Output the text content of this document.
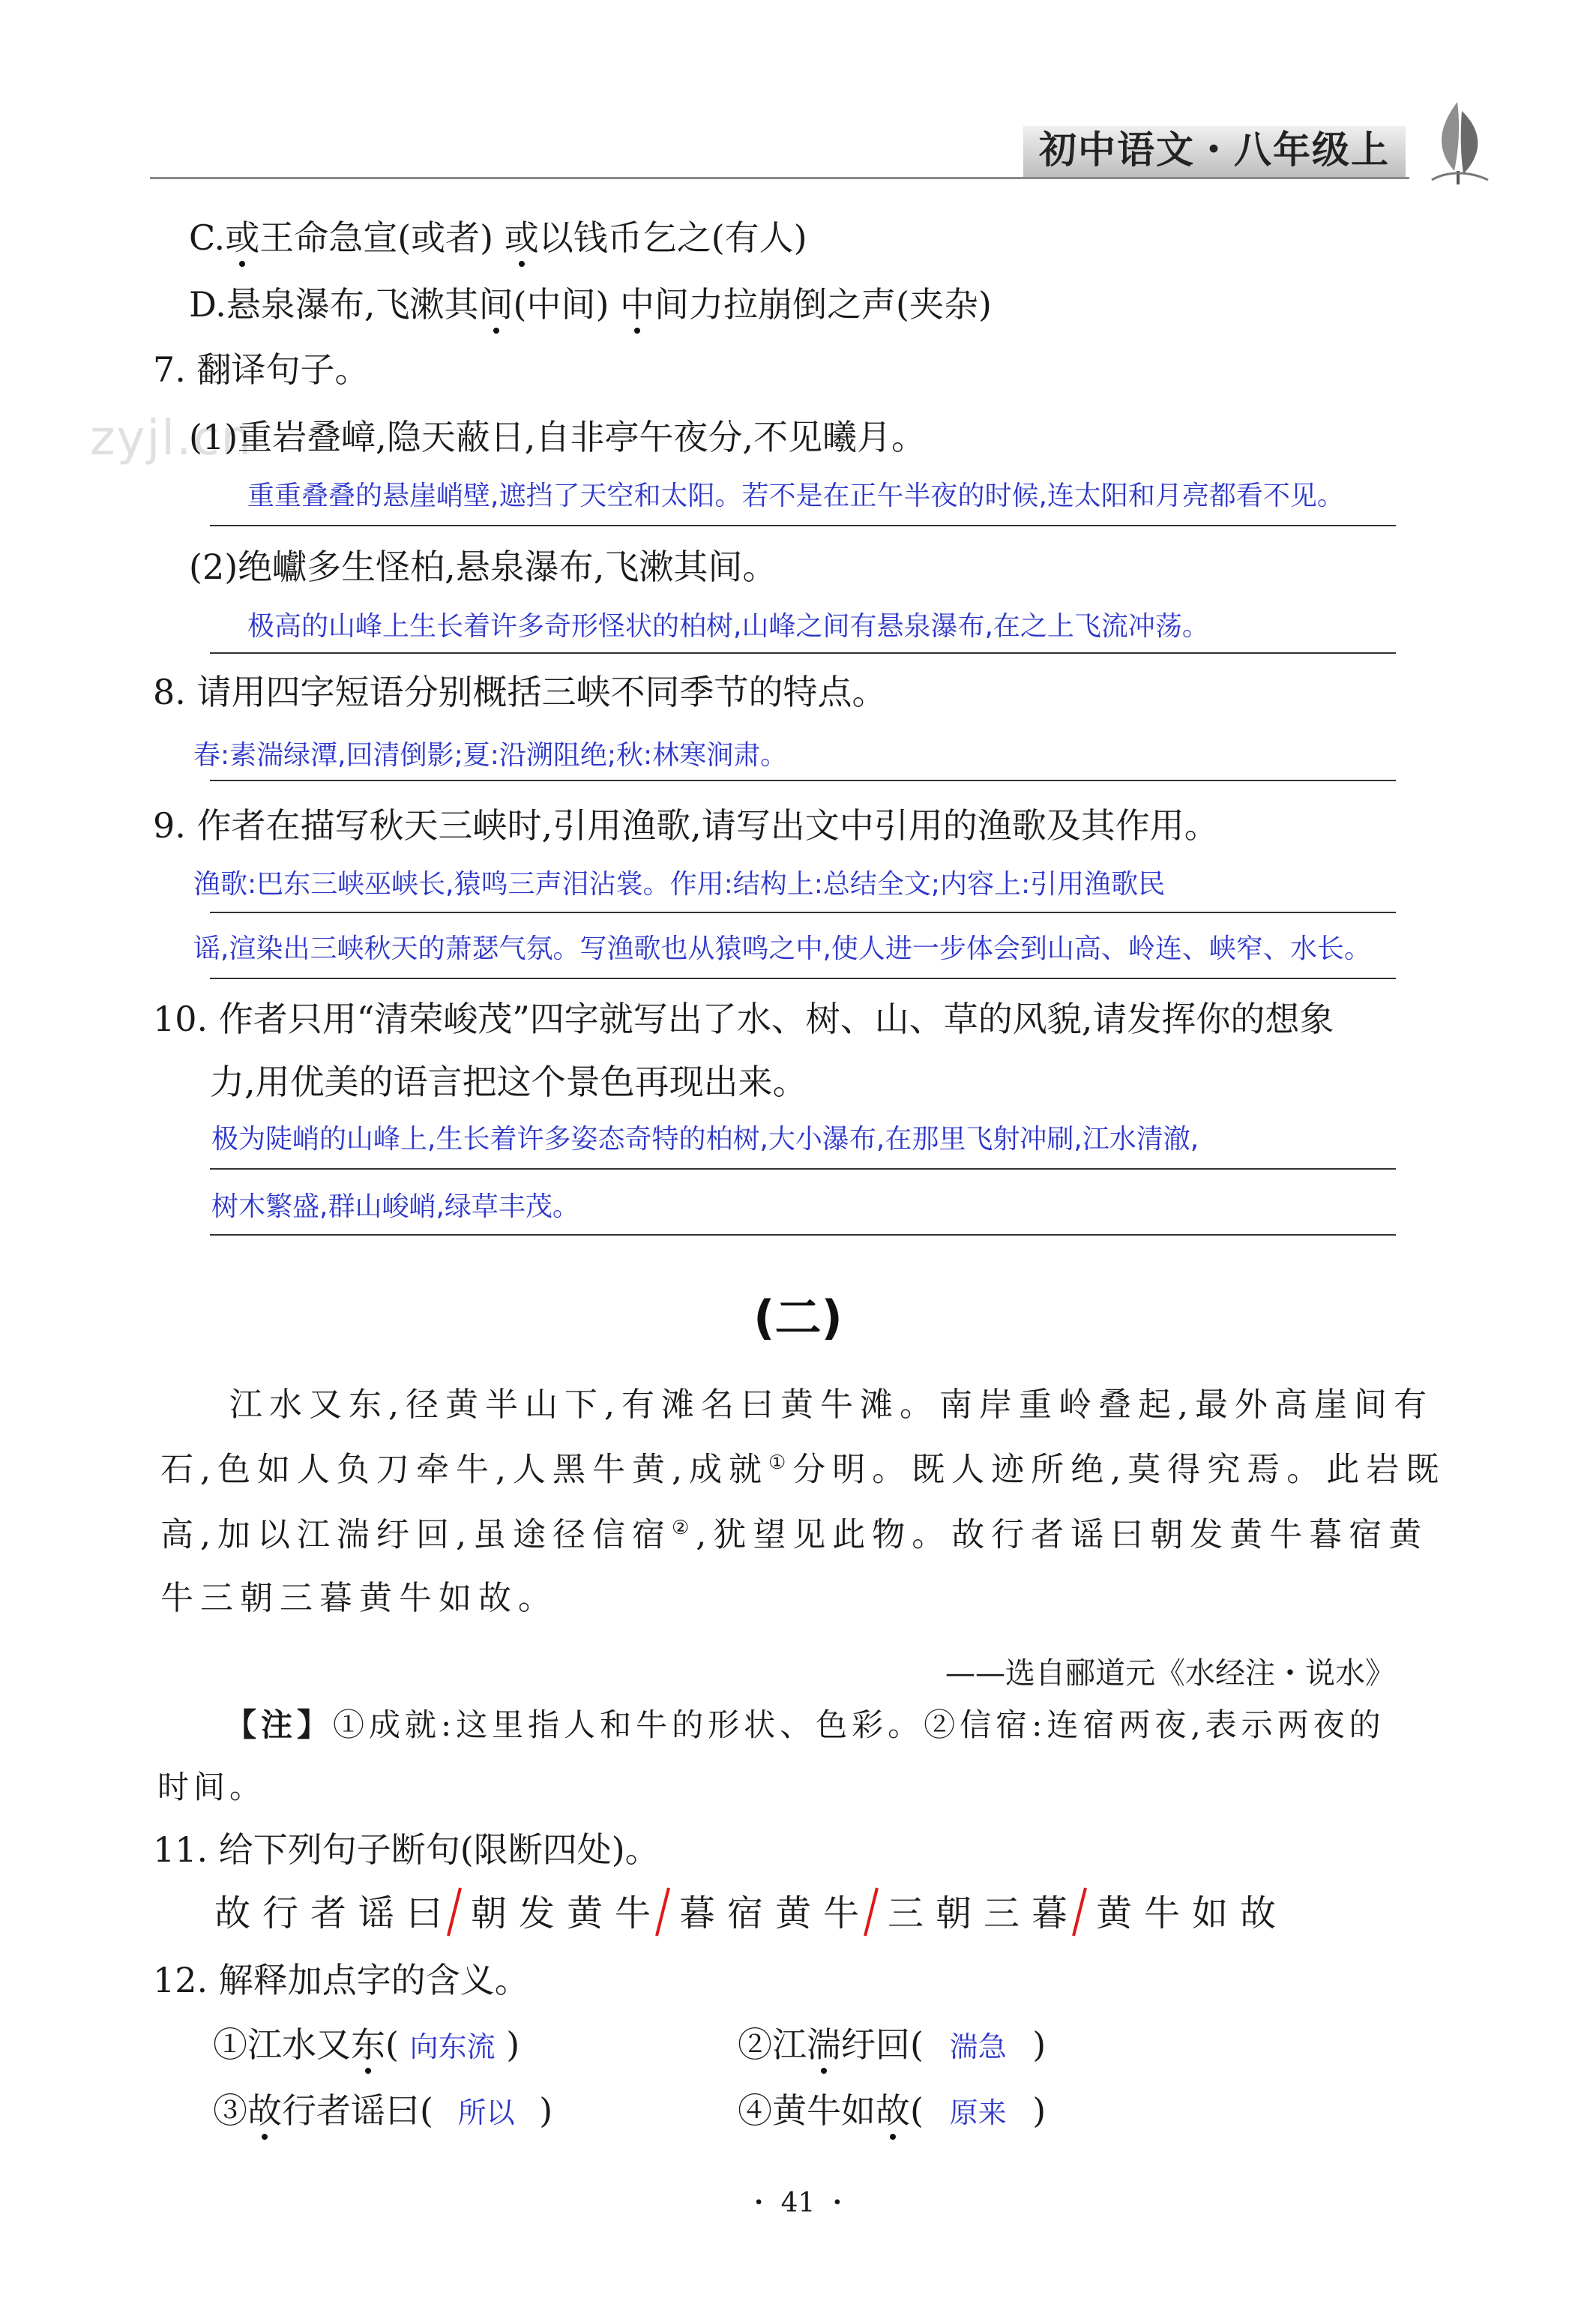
初中语文・八年级上
zyjl.cn
C.或王命急宣(或者) 或以钱币乞之(有人)
D.悬泉瀑布,飞漱其间(中间) 中间力拉崩倒之声(夹杂)
7. 翻译句子。
(1)重岩叠嶂,隐天蔽日,自非亭午夜分,不见曦月。
重重叠叠的悬崖峭壁,遮挡了天空和太阳。若不是在正午半夜的时候,连太阳和月亮都看不见。
(2)绝巘多生怪柏,悬泉瀑布,飞漱其间。
极高的山峰上生长着许多奇形怪状的柏树,山峰之间有悬泉瀑布,在之上飞流冲荡。
8. 请用四字短语分别概括三峡不同季节的特点。
春:素湍绿潭,回清倒影;夏:沿溯阻绝;秋:林寒涧肃。
9. 作者在描写秋天三峡时,引用渔歌,请写出文中引用的渔歌及其作用。
渔歌:巴东三峡巫峡长,猿鸣三声泪沾裳。作用:结构上:总结全文;内容上:引用渔歌民
谣,渲染出三峡秋天的萧瑟气氛。写渔歌也从猿鸣之中,使人进一步体会到山高、岭连、峡窄、水长。
10. 作者只用“清荣峻茂”四字就写出了水、树、山、草的风貌,请发挥你的想象
力,用优美的语言把这个景色再现出来。
极为陡峭的山峰上,生长着许多姿态奇特的柏树,大小瀑布,在那里飞射冲刷,江水清澈,
树木繁盛,群山峻峭,绿草丰茂。
(二)
江水又东,径黄半山下,有滩名曰黄牛滩。南岸重岭叠起,最外高崖间有
石,色如人负刀牵牛,人黑牛黄,成就①分明。既人迹所绝,莫得究焉。此岩既
高,加以江湍纡回,虽途径信宿②,犹望见此物。故行者谣曰朝发黄牛暮宿黄
牛三朝三暮黄牛如故。
——选自郦道元《水经注・说水》
【注】①成就:这里指人和牛的形状、色彩。②信宿:连宿两夜,表示两夜的
时间。
11. 给下列句子断句(限断四处)。
故 行 者 谣 曰 朝 发 黄 牛 暮 宿 黄 牛 三 朝 三 暮 黄 牛 如 故
12. 解释加点字的含义。
①江水又东( 向东流 )	②江湍纡回( 湍急 )
③故行者谣曰( 所以 )	④黄牛如故( 原来 )
・ 41 ・
